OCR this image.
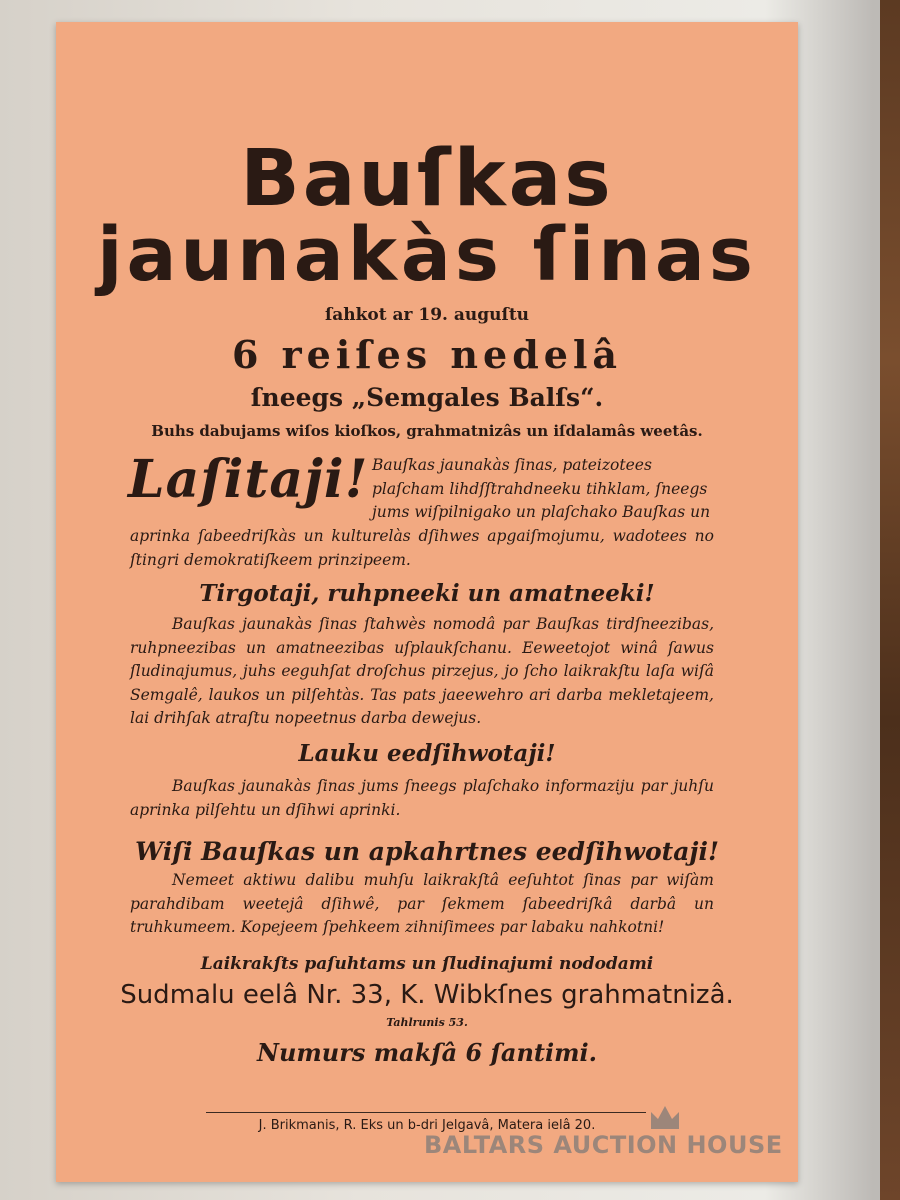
Bauſkas
jaunakàs ſinas
ſahkot ar 19. auguſtu
6 reiſes nedelâ
ſneegs „Semgales Balſs“.
Buhs dabujams wiſos kioſkos, grahmatnizâs un iſdalamâs weetâs.
Laſitaji! Bauſkas jaunakàs ſinas, pateizotees plaſcham lihdſſtrahdneeku tihklam, ſneegs jums wiſpilnigako un plaſchako Bauſkas un
aprinka ſabeedriſkàs un kulturelàs dſihwes apgaiſmojumu, wadotees no ſtingri demokratiſkeem prinzipeem.
Tirgotaji, ruhpneeki un amatneeki!
Bauſkas jaunakàs ſinas ſtahwès nomodâ par Bauſkas tirdſneezibas, ruhpneezibas un amatneezibas uſplaukſchanu. Eeweetojot winâ ſawus ſludinajumus, juhs eeguhſat droſchus pirzejus, jo ſcho laikrakſtu laſa wiſâ Semgalê, laukos un pilſehtàs. Tas pats jaeewehro ari darba mekletajeem, lai drihſak atraſtu nopeetnus darba dewejus.
Lauku eedſihwotaji!
Bauſkas jaunakàs ſinas jums ſneegs plaſchako informaziju par juhſu aprinka pilſehtu un dſihwi aprinki.
Wiſi Bauſkas un apkahrtnes eedſihwotaji!
Nemeet aktiwu dalibu muhſu laikrakſtâ eeſuhtot ſinas par wiſàm parahdibam weetejâ dſihwê, par ſekmem ſabeedriſkâ darbâ un truhkumeem. Kopejeem ſpehkeem zihniſimees par labaku nahkotni!
Laikrakſts paſuhtams un ſludinajumi nododami
Sudmalu eelâ Nr. 33, K. Wibkſnes grahmatnizâ.
Tahlrunis 53.
Numurs makſâ 6 ſantimi.
J. Brikmanis, R. Eks un b-dri Jelgavâ, Matera ielâ 20.
BALTARS AUCTION HOUSE
